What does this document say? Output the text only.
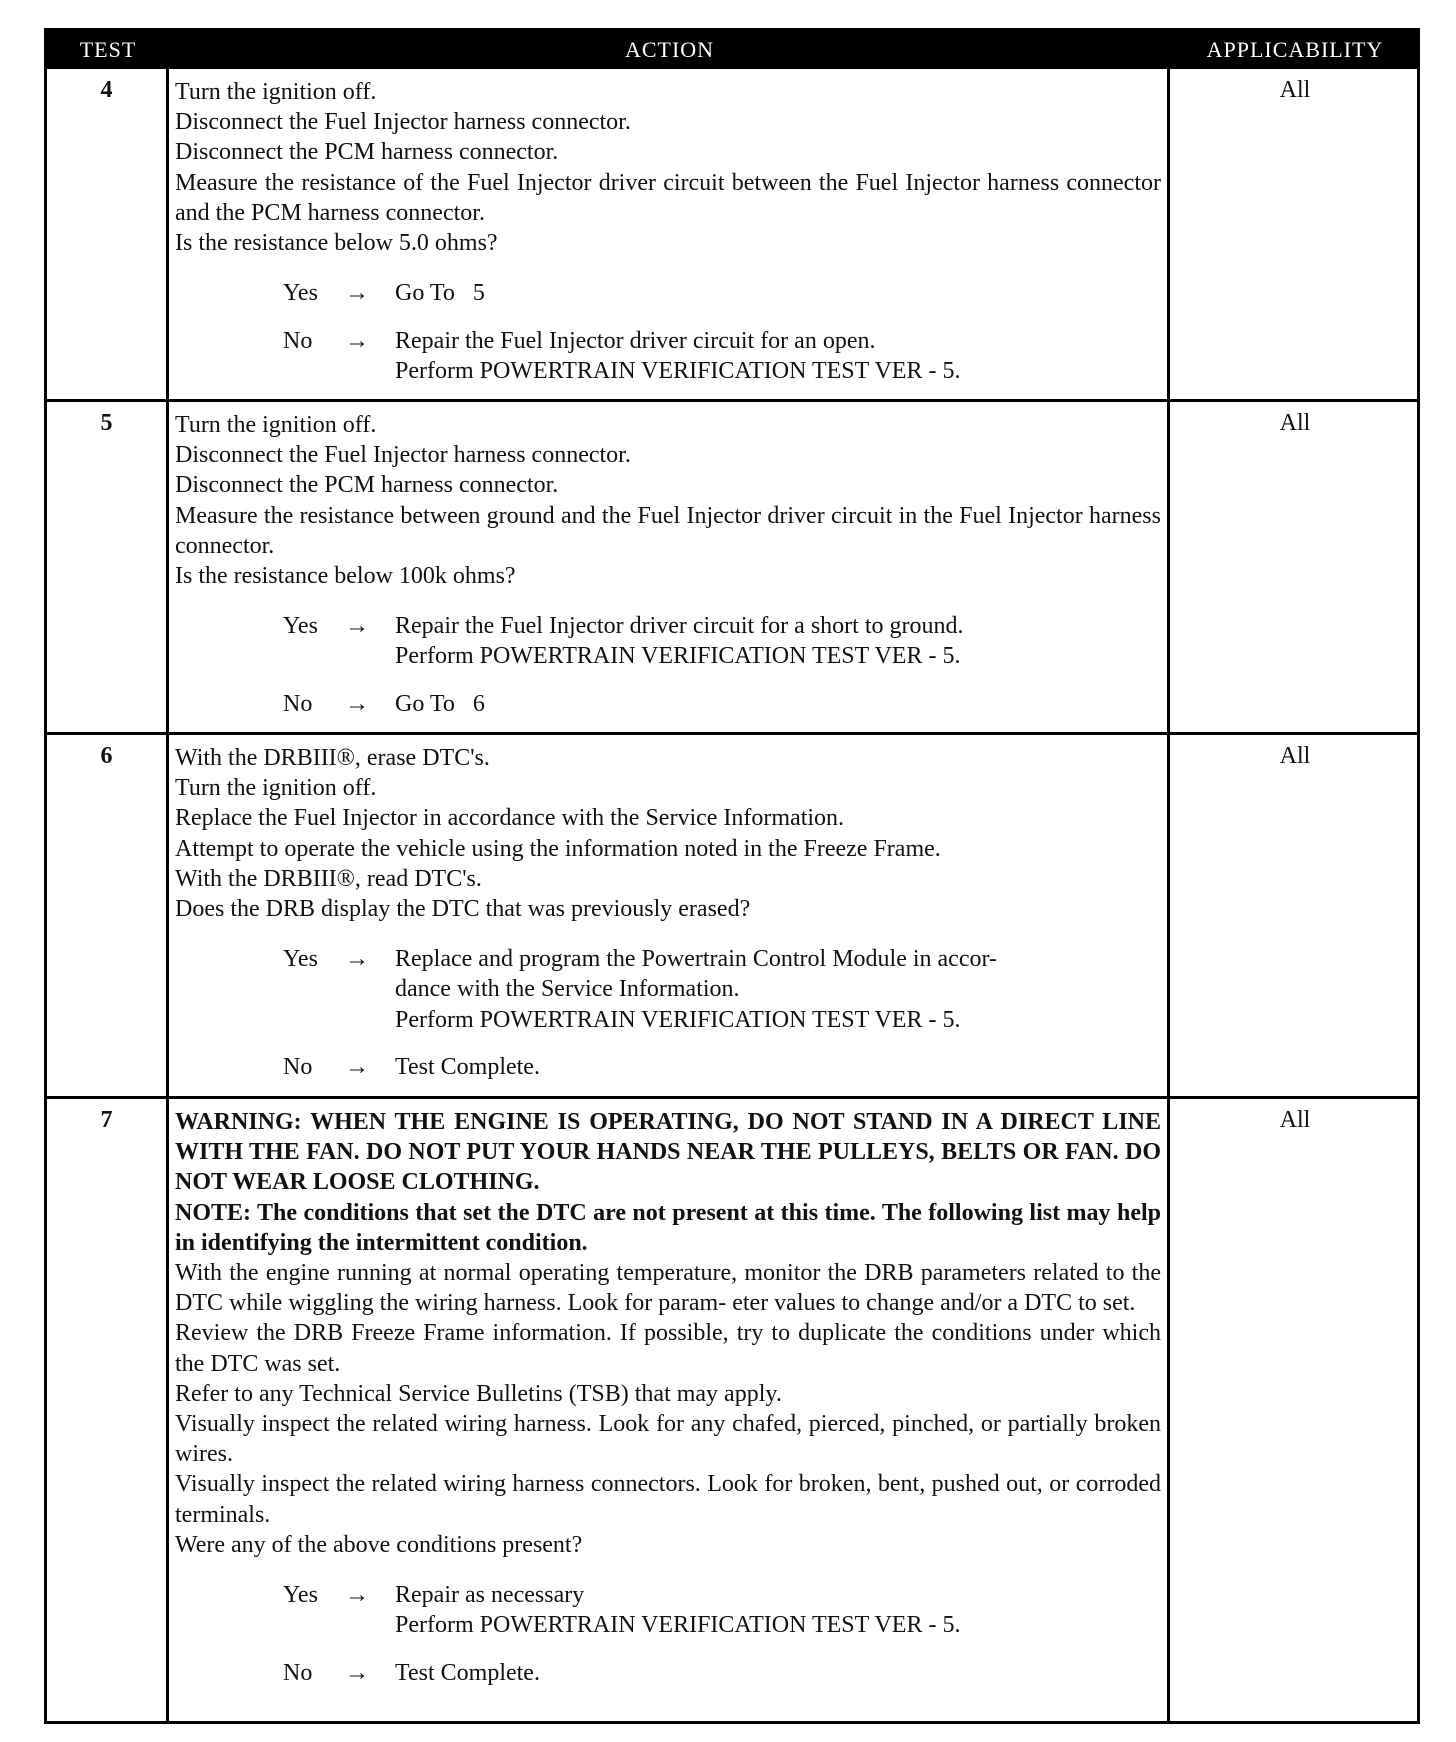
TEST	ACTION	APPLICABILITY
4	Turn the ignition off.

Disconnect the Fuel Injector harness connector.

Disconnect the PCM harness connector.

Measure the resistance of the Fuel Injector driver circuit between the Fuel Injector harness connector and the PCM harness connector.

Is the resistance below 5.0 ohms?

Yes → Go To   5
No → Repair the Fuel Injector driver circuit for an open.
Perform POWERTRAIN VERIFICATION TEST VER - 5.
All
5	Turn the ignition off.

Disconnect the Fuel Injector harness connector.

Disconnect the PCM harness connector.

Measure the resistance between ground and the Fuel Injector driver circuit in the Fuel Injector harness connector.

Is the resistance below 100k ohms?

Yes → Repair the Fuel Injector driver circuit for a short to ground.
Perform POWERTRAIN VERIFICATION TEST VER - 5.
No → Go To   6
All
6	With the DRBIII®, erase DTC's.

Turn the ignition off.

Replace the Fuel Injector in accordance with the Service Information.

Attempt to operate the vehicle using the information noted in the Freeze Frame.

With the DRBIII®, read DTC's.

Does the DRB display the DTC that was previously erased?

Yes → Replace and program the Powertrain Control Module in accor-
dance with the Service Information.
Perform POWERTRAIN VERIFICATION TEST VER - 5.
No → Test Complete.
All
7	WARNING: WHEN THE ENGINE IS OPERATING, DO NOT STAND IN A DIRECT LINE WITH THE FAN. DO NOT PUT YOUR HANDS NEAR THE PULLEYS, BELTS OR FAN. DO NOT WEAR LOOSE CLOTHING.

NOTE: The conditions that set the DTC are not present at this time. The following list may help in identifying the intermittent condition.

With the engine running at normal operating temperature, monitor the DRB parameters related to the DTC while wiggling the wiring harness. Look for param- eter values to change and/or a DTC to set.

Review the DRB Freeze Frame information. If possible, try to duplicate the conditions under which the DTC was set.

Refer to any Technical Service Bulletins (TSB) that may apply.

Visually inspect the related wiring harness. Look for any chafed, pierced, pinched, or partially broken wires.

Visually inspect the related wiring harness connectors. Look for broken, bent, pushed out, or corroded terminals.

Were any of the above conditions present?

Yes → Repair as necessary
Perform POWERTRAIN VERIFICATION TEST VER - 5.
No → Test Complete.
All
